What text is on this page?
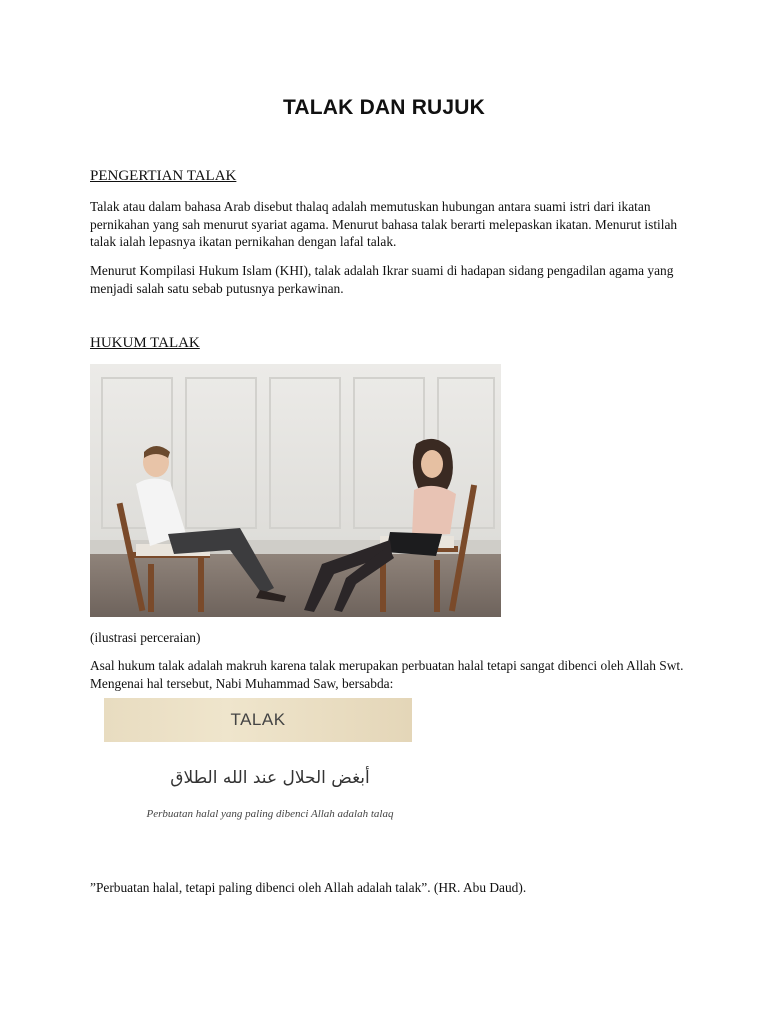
TALAK DAN RUJUK
PENGERTIAN TALAK
Talak atau dalam bahasa Arab disebut thalaq adalah memutuskan hubungan antara suami istri dari ikatan pernikahan yang sah menurut syariat agama. Menurut bahasa talak berarti melepaskan ikatan. Menurut istilah talak ialah lepasnya ikatan pernikahan dengan lafal talak.
Menurut Kompilasi Hukum Islam (KHI), talak adalah Ikrar suami di hadapan sidang pengadilan agama yang menjadi salah satu sebab putusnya perkawinan.
HUKUM TALAK
(ilustrasi perceraian)
Asal hukum talak adalah makruh karena talak merupakan perbuatan halal tetapi sangat dibenci oleh Allah Swt. Mengenai hal tersebut, Nabi Muhammad Saw, bersabda:
TALAK
أبغض الحلال عند الله الطلاق
Perbuatan halal yang paling dibenci Allah adalah talaq
”Perbuatan halal, tetapi paling dibenci oleh Allah adalah talak”. (HR. Abu Daud).
